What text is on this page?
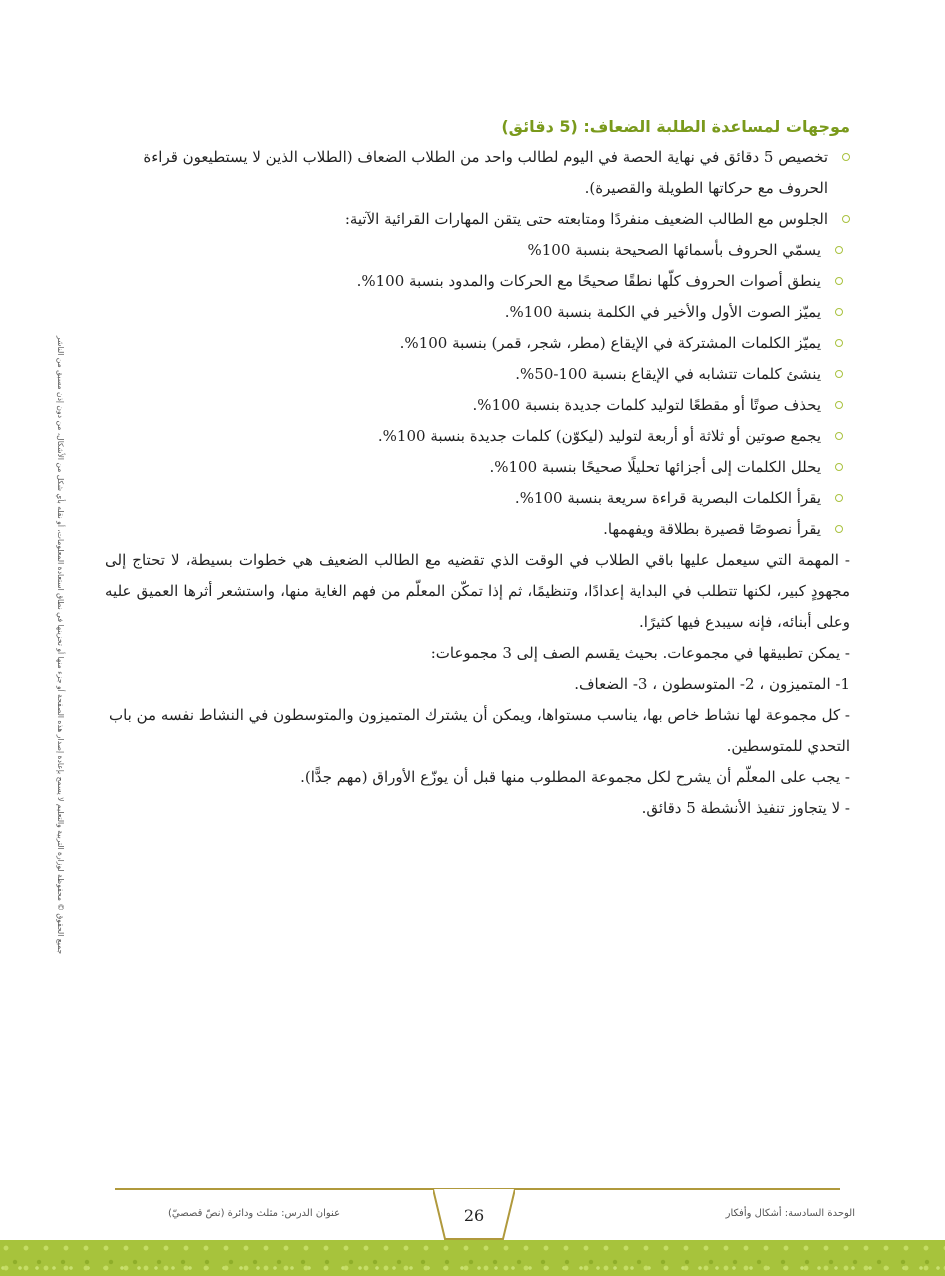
موجهات لمساعدة الطلبة الضعاف: (5 دقائق)
تخصيص 5 دقائق في نهاية الحصة في اليوم لطالب واحد من الطلاب الضعاف (الطلاب الذين لا يستطيعون قراءة الحروف مع حركاتها الطويلة والقصيرة).
الجلوس مع الطالب الضعيف منفردًا ومتابعته حتى يتقن المهارات القرائية الآتية:
يسمّي الحروف بأسمائها الصحيحة بنسبة 100%
ينطق أصوات الحروف كلّها نطقًا صحيحًا مع الحركات والمدود بنسبة 100%.
يميّز الصوت الأول والأخير في الكلمة بنسبة 100%.
يميّز الكلمات المشتركة في الإيقاع (مطر، شجر، قمر) بنسبة 100%.
ينشئ كلمات تتشابه في الإيقاع بنسبة 100-50%.
يحذف صوتًا أو مقطعًا لتوليد كلمات جديدة بنسبة 100%.
يجمع صوتين أو ثلاثة أو أربعة لتوليد (ليكوّن) كلمات جديدة بنسبة 100%.
يحلل الكلمات إلى أجزائها تحليلًا صحيحًا بنسبة 100%.
يقرأ الكلمات البصرية قراءة سريعة بنسبة 100%.
يقرأ نصوصًا قصيرة بطلاقة ويفهمها.

- المهمة التي سيعمل عليها باقي الطلاب في الوقت الذي تقضيه مع الطالب الضعيف هي خطوات بسيطة، لا تحتاج إلى مجهودٍ كبير، لكنها تتطلب في البداية إعدادًا، وتنظيمًا، ثم إذا تمكّن المعلّم من فهم الغاية منها، واستشعر أثرها العميق عليه وعلى أبنائه، فإنه سيبدع فيها كثيرًا.

- يمكن تطبيقها في مجموعات. بحيث يقسم الصف إلى 3 مجموعات:

1- المتميزون ، 2- المتوسطون ، 3- الضعاف.

- كل مجموعة لها نشاط خاص بها، يناسب مستواها، ويمكن أن يشترك المتميزون والمتوسطون في النشاط نفسه من باب التحدي للمتوسطين.

- يجب على المعلّم أن يشرح لكل مجموعة المطلوب منها قبل أن يوزّع الأوراق (مهم جدًّا).

- لا يتجاوز تنفيذ الأنشطة 5 دقائق.

جميع الحقوق © محفوظة لوزارة التربية والتعليم لا يسمح بإعادة إصدار هذه الصفحة أو جزء منها أو تخزينها في نطاق استعادة المعلومات، أو نقله بأي شكل من الأشكال، من دون إذن مسبق من الناشر
26	الوحدة السادسة: أشكال وأفكار
عنوان الدرس: مثلث ودائرة (نصّ قصصيّ)
